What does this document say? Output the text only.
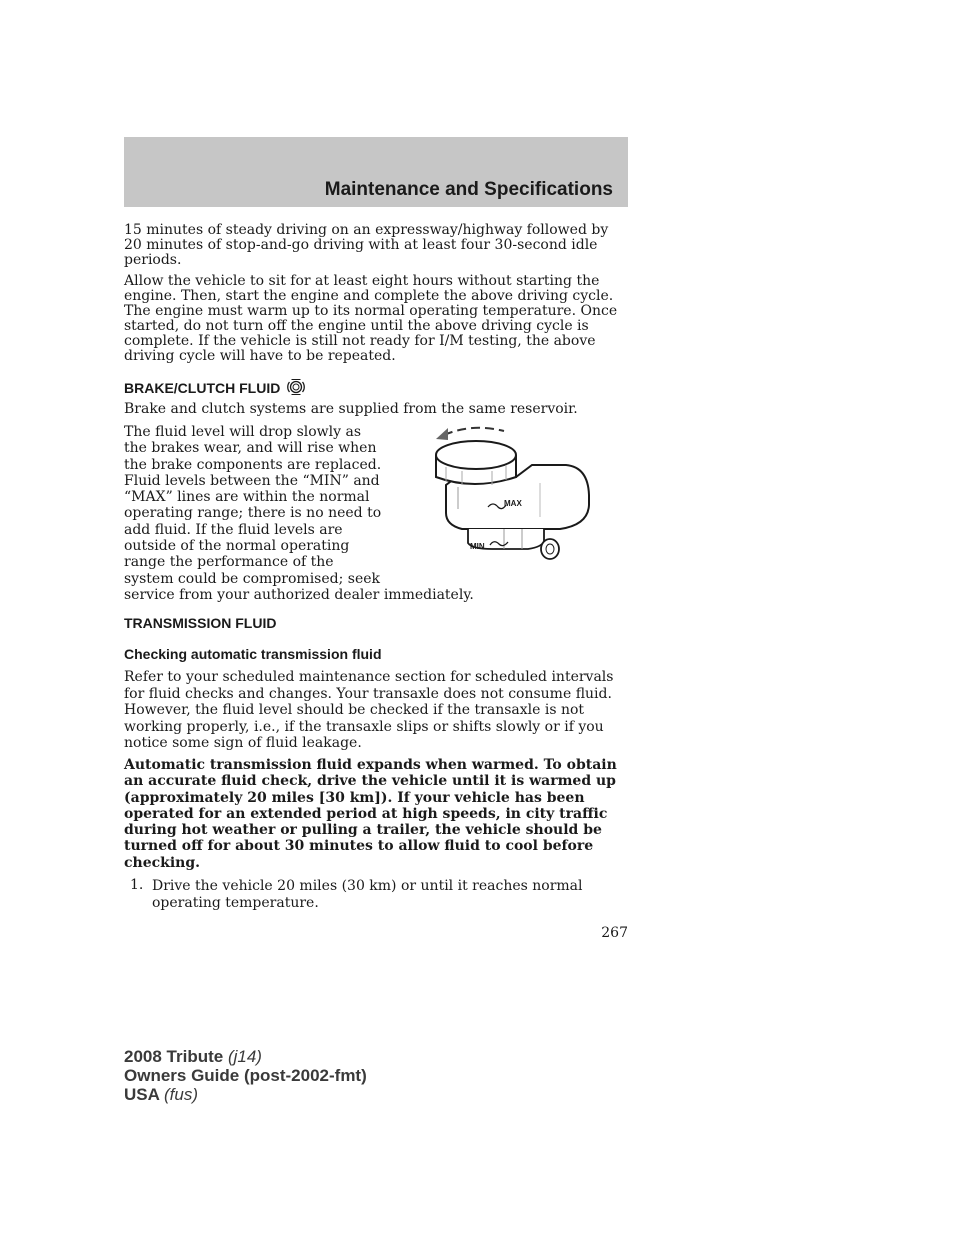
Maintenance and Specifications

15 minutes of steady driving on an expressway/highway followed by 20 minutes of stop-and-go driving with at least four 30-second idle periods.

Allow the vehicle to sit for at least eight hours without starting the engine. Then, start the engine and complete the above driving cycle. The engine must warm up to its normal operating temperature. Once started, do not turn off the engine until the above driving cycle is complete. If the vehicle is still not ready for I/M testing, the above driving cycle will have to be repeated.

BRAKE/CLUTCH FLUID

Brake and clutch systems are supplied from the same reservoir.

The fluid level will drop slowly as
the brakes wear, and will rise when
the brake components are replaced.
Fluid levels between the “MIN” and
“MAX” lines are within the normal
operating range; there is no need to
add fluid. If the fluid levels are
outside of the normal operating
range the performance of the
system could be compromised; seek
service from your authorized dealer immediately.
MAX
MIN
TRANSMISSION FLUID
Checking automatic transmission fluid

Refer to your scheduled maintenance section for scheduled intervals for fluid checks and changes. Your transaxle does not consume fluid. However, the fluid level should be checked if the transaxle is not working properly, i.e., if the transaxle slips or shifts slowly or if you notice some sign of fluid leakage.

Automatic transmission fluid expands when warmed. To obtain an accurate fluid check, drive the vehicle until it is warmed up (approximately 20 miles [30 km]). If your vehicle has been operated for an extended period at high speeds, in city traffic during hot weather or pulling a trailer, the vehicle should be turned off for about 30 minutes to allow fluid to cool before checking.

1. Drive the vehicle 20 miles (30 km) or until it reaches normal operating temperature.
267
2008 Tribute (j14)
Owners Guide (post-2002-fmt)
USA (fus)
